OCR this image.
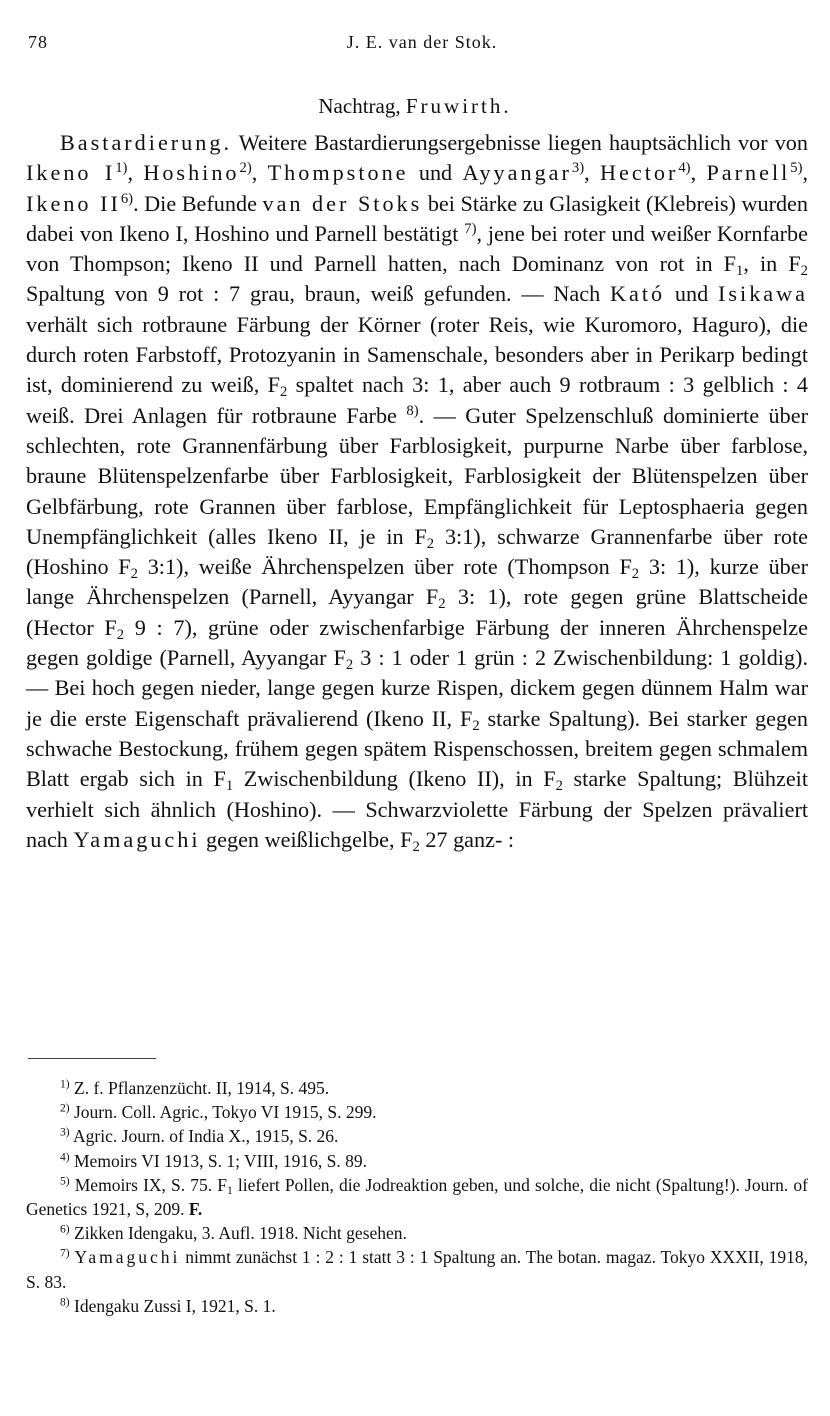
78	J. E. van der Stok.
Nachtrag, Fruwirth.

Bastardierung. Weitere Bastardierungsergebnisse liegen hauptsächlich vor von Ikeno $I^{1)}$, Hoshino$^{2)}$, Thompstone und Ayyangar$^{3)}$, Hector$^{4)}$, Parnell$^{5)}$, Ikeno II$^{6)}$. Die Befunde van der Stoks bei Stärke zu Glasigkeit (Klebreis) wurden dabei von Ikeno I, Hoshino und Parnell bestätigt $^{7)}$, jene bei roter und weißer Kornfarbe von Thompson; Ikeno II und Parnell hatten, nach Dominanz von rot in $F_1$, in $F_2$ Spaltung von 9 rot : 7 grau, braun, weiß gefunden. — Nach Kató und Isikawa verhält sich rotbraune Färbung der Körner (roter Reis, wie Kuromoro, Haguro), die durch roten Farbstoff, Protozyanin in Samenschale, besonders aber in Perikarp bedingt ist, dominierend zu weiß, $F_2$ spaltet nach 3: 1, aber auch 9 rotbraum : 3 gelblich : 4 weiß. Drei Anlagen für rotbraune Farbe $^{8)}$. — Guter Spelzenschluß dominierte über schlechten, rote Grannenfärbung über Farblosigkeit, purpurne Narbe über farblose, braune Blütenspelzenfarbe über Farblosigkeit, Farblosigkeit der Blütenspelzen über Gelbfärbung, rote Grannen über farblose, Empfänglichkeit für Leptosphaeria gegen Unempfänglichkeit (alles Ikeno II, je in $F_2$ 3:1), schwarze Grannenfarbe über rote (Hoshino $F_2$ 3:1), weiße Ährchenspelzen über rote (Thompson $F_2$ 3: 1), kurze über lange Ährchenspelzen (Parnell, Ayyangar $F_2$ 3: 1), rote gegen grüne Blattscheide (Hector $F_2$ 9 : 7), grüne oder zwischenfarbige Färbung der inneren Ährchenspelze gegen goldige (Parnell, Ayyangar $F_2$ 3 : 1 oder 1 grün : 2 Zwischenbildung: 1 goldig). — Bei hoch gegen nieder, lange gegen kurze Rispen, dickem gegen dünnem Halm war je die erste Eigenschaft prävalierend (Ikeno II, $F_2$ starke Spaltung). Bei starker gegen schwache Bestockung, frühem gegen spätem Rispenschossen, breitem gegen schmalem Blatt ergab sich in $F_1$ Zwischenbildung (Ikeno II), in $F_2$ starke Spaltung; Blühzeit verhielt sich ähnlich (Hoshino). — Schwarzviolette Färbung der Spelzen prävaliert nach Yamaguchi gegen weißlichgelbe, $F_2$ 27 ganz- :

$^{1)}$ Z. f. Pflanzenzücht. II, 1914, S. 495.

$^{2)}$ Journ. Coll. Agric., Tokyo VI 1915, S. 299.

$^{3)}$ Agric. Journ. of India X., 1915, S. 26.

$^{4)}$ Memoirs VI 1913, S. 1; VIII, 1916, S. 89.

$^{5)}$ Memoirs IX, S. 75. $F_1$ liefert Pollen, die Jodreaktion geben, und solche, die nicht (Spaltung!). Journ. of Genetics 1921, S, 209. F.

$^{6)}$ Zikken Idengaku, 3. Aufl. 1918. Nicht gesehen.

$^{7)}$ Yamaguchi nimmt zunächst 1 : 2 : 1 statt 3 : 1 Spaltung an. The botan. magaz. Tokyo XXXII, 1918, S. 83.

$^{8)}$ Idengaku Zussi I, 1921, S. 1.
